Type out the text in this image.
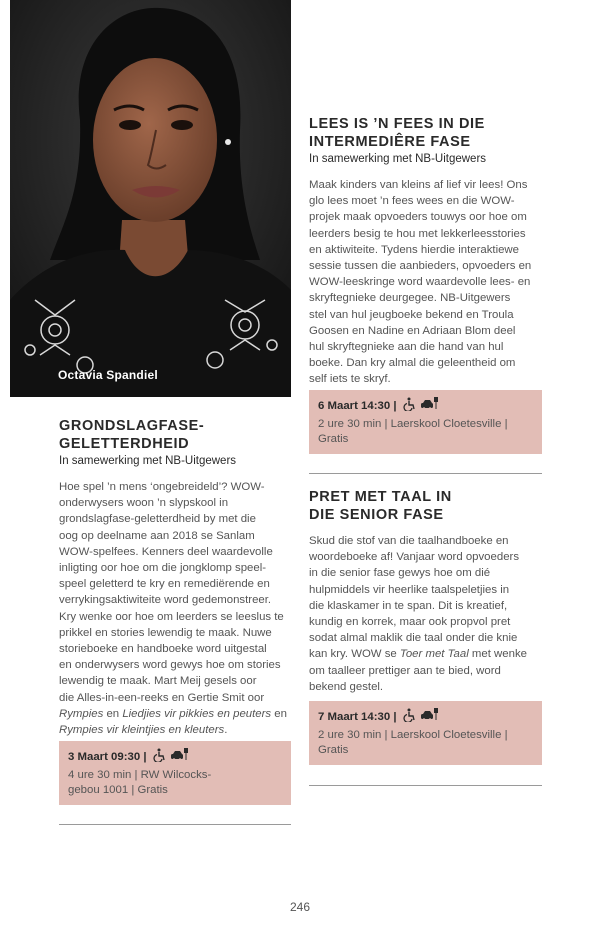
Octavia Spandiel
GRONDSLAGFASE-
GELETTERDHEID
In samewerking met NB-Uitgewers
Hoe spel ’n mens ‘ongebreideld’? WOW-
onderwysers woon ’n slypskool in
grondslagfase-geletterdheid by met die
oog op deelname aan 2018 se Sanlam
WOW-spelfees. Kenners deel waardevolle
inligting oor hoe om die jongklomp speel-
speel geletterd te kry en remediërende en
verrykingsaktiwiteite word gedemonstreer.
Kry wenke oor hoe om leerders se leeslus te
prikkel en stories lewendig te maak. Nuwe
storieboeke en handboeke word uitgestal
en onderwysers word gewys hoe om stories
lewendig te maak. Mart Meij gesels oor
die Alles-in-een-reeks en Gertie Smit oor
Rympies en Liedjies vir pikkies en peuters en
Rympies vir kleintjies en kleuters.
3 Maart 09:30 |
4 ure 30 min | RW Wilcocks-
gebou 1001 | Gratis
LEES IS ’N FEES IN DIE
INTERMEDIÊRE FASE
In samewerking met NB-Uitgewers
Maak kinders van kleins af lief vir lees! Ons
glo lees moet ’n fees wees en die WOW-
projek maak opvoeders touwys oor hoe om
leerders besig te hou met lekkerleesstories
en aktiwiteite. Tydens hierdie interaktiewe
sessie tussen die aanbieders, opvoeders en
WOW-leeskringe word waardevolle lees- en
skryftegnieke deurgegee. NB-Uitgewers
stel van hul jeugboeke bekend en Troula
Goosen en Nadine en Adriaan Blom deel
hul skryftegnieke aan die hand van hul
boeke. Dan kry almal die geleentheid om
self iets te skryf.
6 Maart 14:30 |
2 ure 30 min | Laerskool Cloetesville |
Gratis
PRET MET TAAL IN
DIE SENIOR FASE
Skud die stof van die taalhandboeke en
woordeboeke af! Vanjaar word opvoeders
in die senior fase gewys hoe om dié
hulpmiddels vir heerlike taalspeletjies in
die klaskamer in te span. Dit is kreatief,
kundig en korrek, maar ook propvol pret
sodat almal maklik die taal onder die knie
kan kry. WOW se Toer met Taal met wenke
om taalleer prettiger aan te bied, word
bekend gestel.
7 Maart 14:30 |
2 ure 30 min | Laerskool Cloetesville |
Gratis
246
